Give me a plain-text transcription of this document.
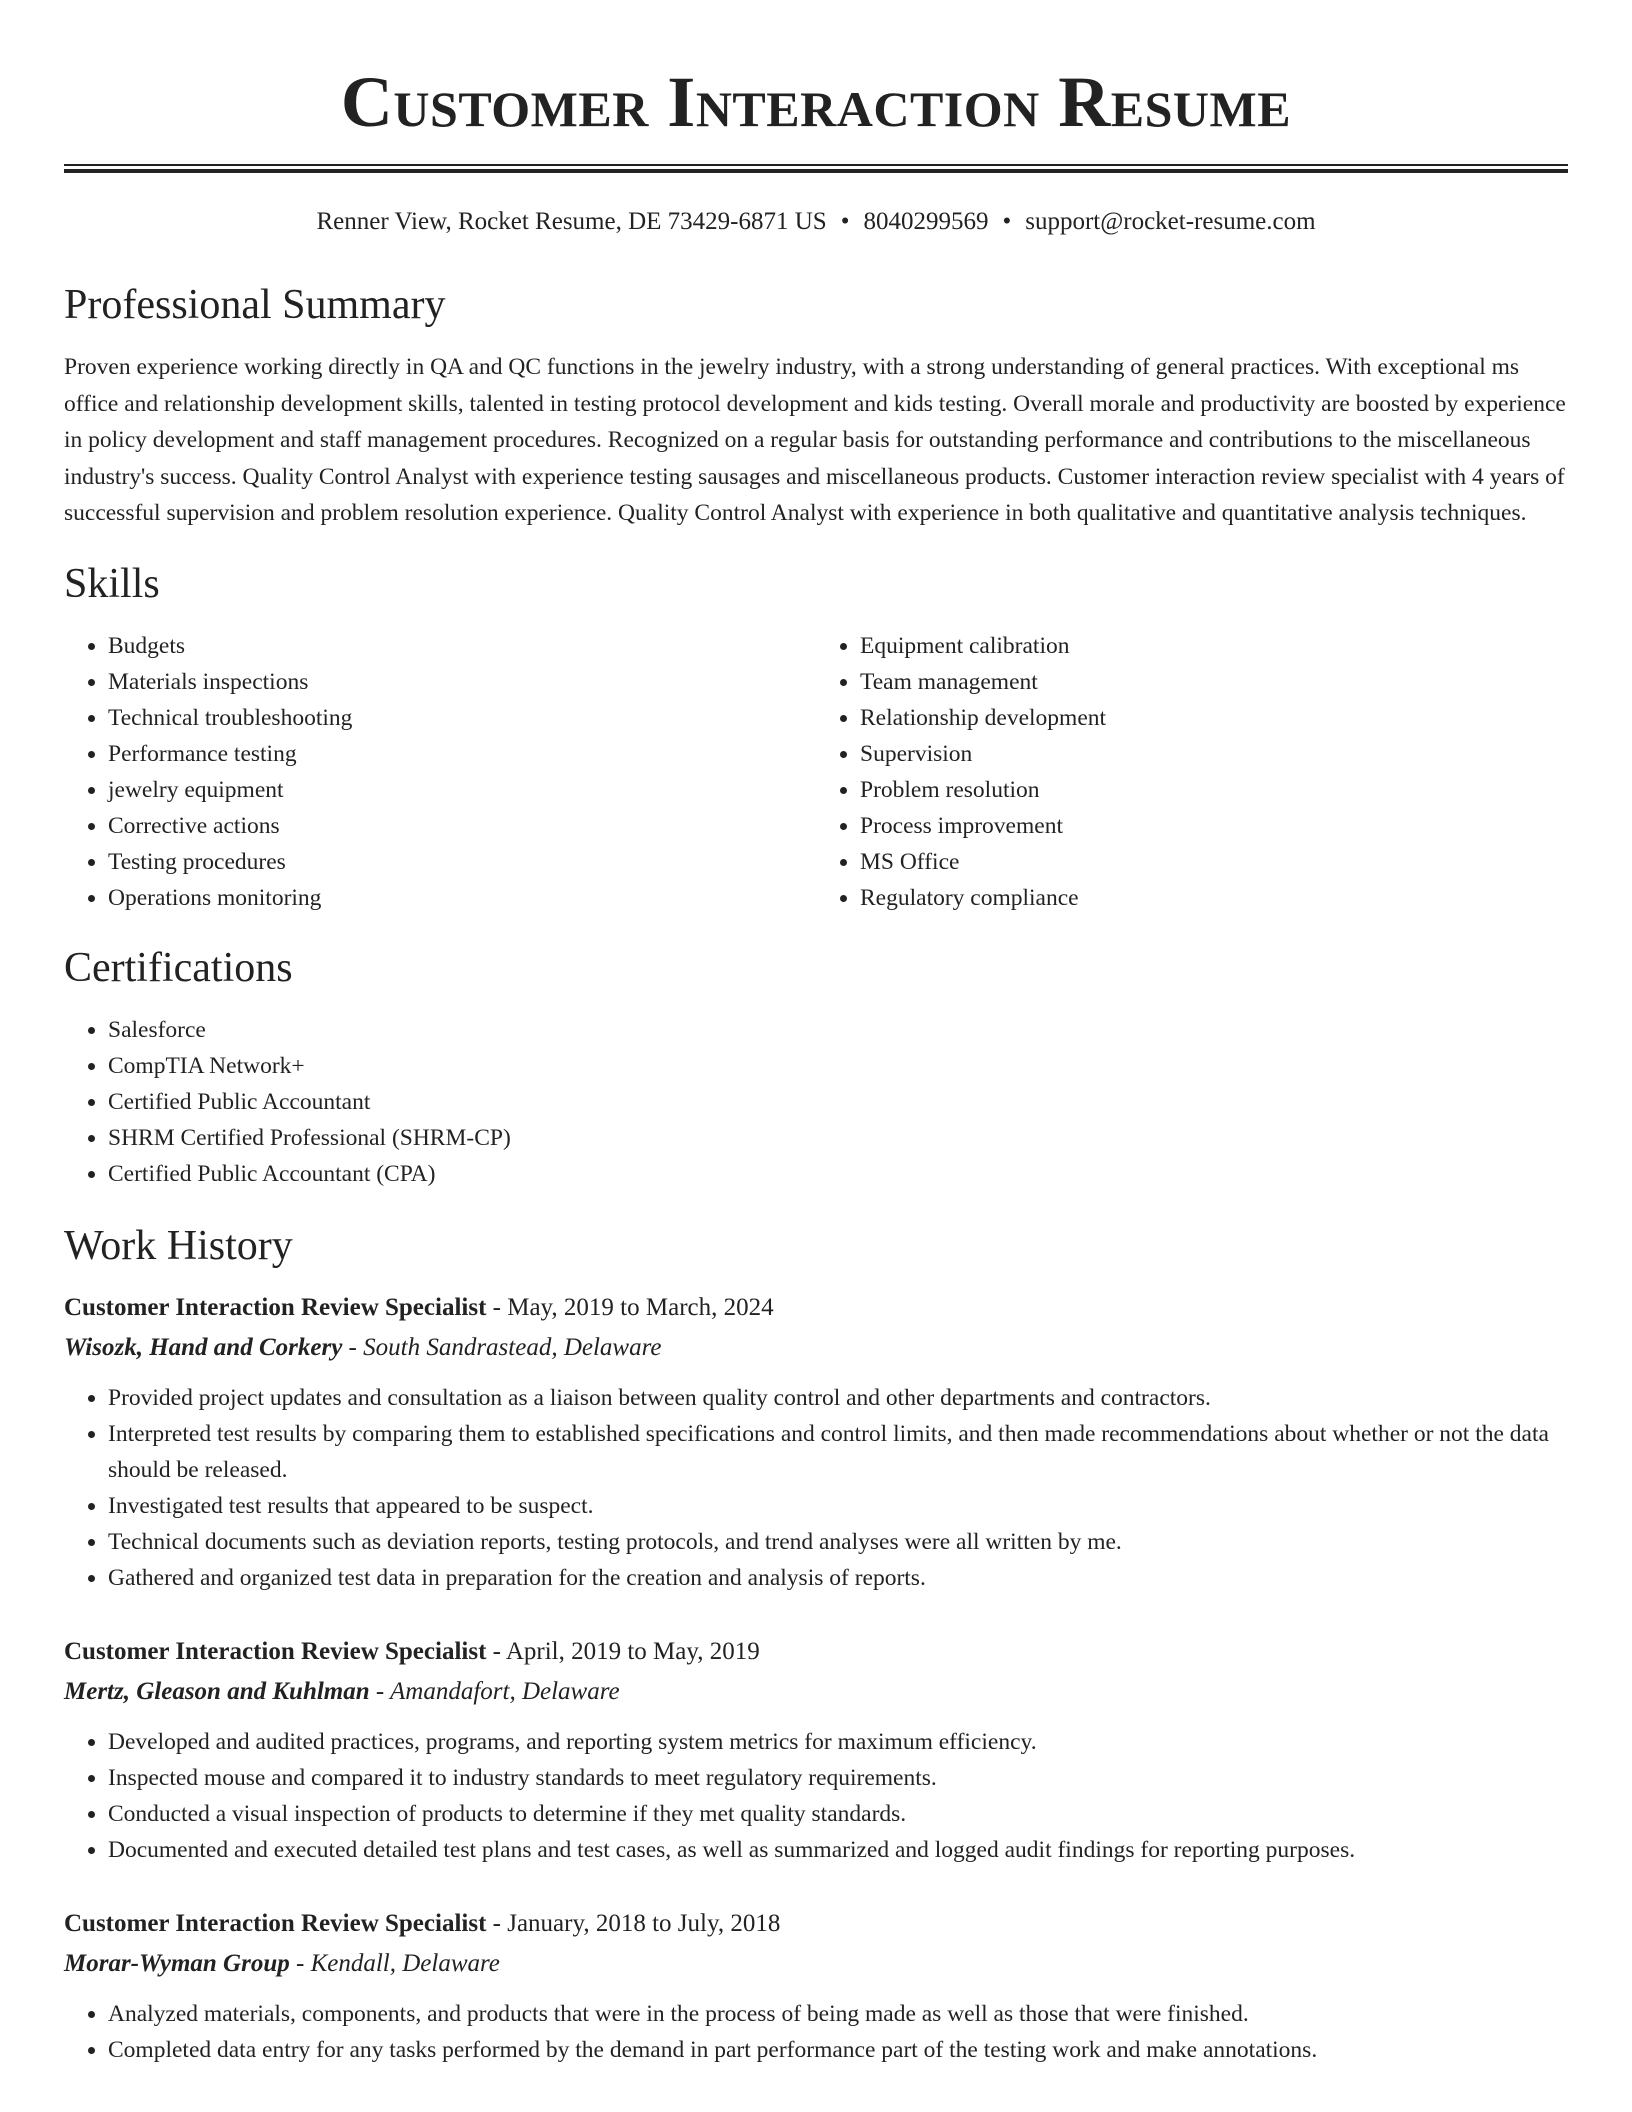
Customer Interaction Resume
Renner View, Rocket Resume, DE 73429-6871 US • 8040299569 • support@rocket-resume.com
Professional Summary

Proven experience working directly in QA and QC functions in the jewelry industry, with a strong understanding of general practices. With exceptional ms office and relationship development skills, talented in testing protocol development and kids testing. Overall morale and productivity are boosted by experience in policy development and staff management procedures. Recognized on a regular basis for outstanding performance and contributions to the miscellaneous industry's success. Quality Control Analyst with experience testing sausages and miscellaneous products. Customer interaction review specialist with 4 years of successful supervision and problem resolution experience. Quality Control Analyst with experience in both qualitative and quantitative analysis techniques.

Skills
• Budgets
• Materials inspections
• Technical troubleshooting
• Performance testing
• jewelry equipment
• Corrective actions
• Testing procedures
• Operations monitoring
• Equipment calibration
• Team management
• Relationship development
• Supervision
• Problem resolution
• Process improvement
• MS Office
• Regulatory compliance
Certifications
• Salesforce
• CompTIA Network+
• Certified Public Accountant
• SHRM Certified Professional (SHRM-CP)
• Certified Public Accountant (CPA)
Work History
Customer Interaction Review Specialist - May, 2019 to March, 2024
Wisozk, Hand and Corkery - South Sandrastead, Delaware
• Provided project updates and consultation as a liaison between quality control and other departments and contractors.
• Interpreted test results by comparing them to established specifications and control limits, and then made recommendations about whether or not the data should be released.
• Investigated test results that appeared to be suspect.
• Technical documents such as deviation reports, testing protocols, and trend analyses were all written by me.
• Gathered and organized test data in preparation for the creation and analysis of reports.
Customer Interaction Review Specialist - April, 2019 to May, 2019
Mertz, Gleason and Kuhlman - Amandafort, Delaware
• Developed and audited practices, programs, and reporting system metrics for maximum efficiency.
• Inspected mouse and compared it to industry standards to meet regulatory requirements.
• Conducted a visual inspection of products to determine if they met quality standards.
• Documented and executed detailed test plans and test cases, as well as summarized and logged audit findings for reporting purposes.
Customer Interaction Review Specialist - January, 2018 to July, 2018
Morar-Wyman Group - Kendall, Delaware
• Analyzed materials, components, and products that were in the process of being made as well as those that were finished.
• Completed data entry for any tasks performed by the demand in part performance part of the testing work and make annotations.
